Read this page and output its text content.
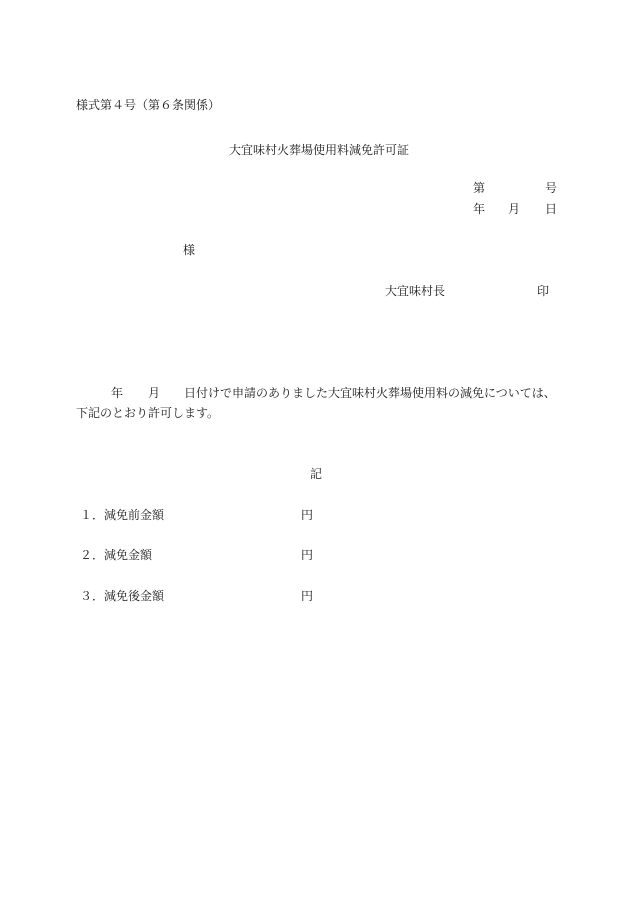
様式第４号（第６条関係）
大宜味村火葬場使用料減免許可証
第	号
年 月 日
様
大宜味村長	印
年 月 日付けで申請のありました大宜味村火葬場使用料の減免については、
下記のとおり許可します。
記
１．減免前金額	円
２．減免金額	円
３．減免後金額	円
